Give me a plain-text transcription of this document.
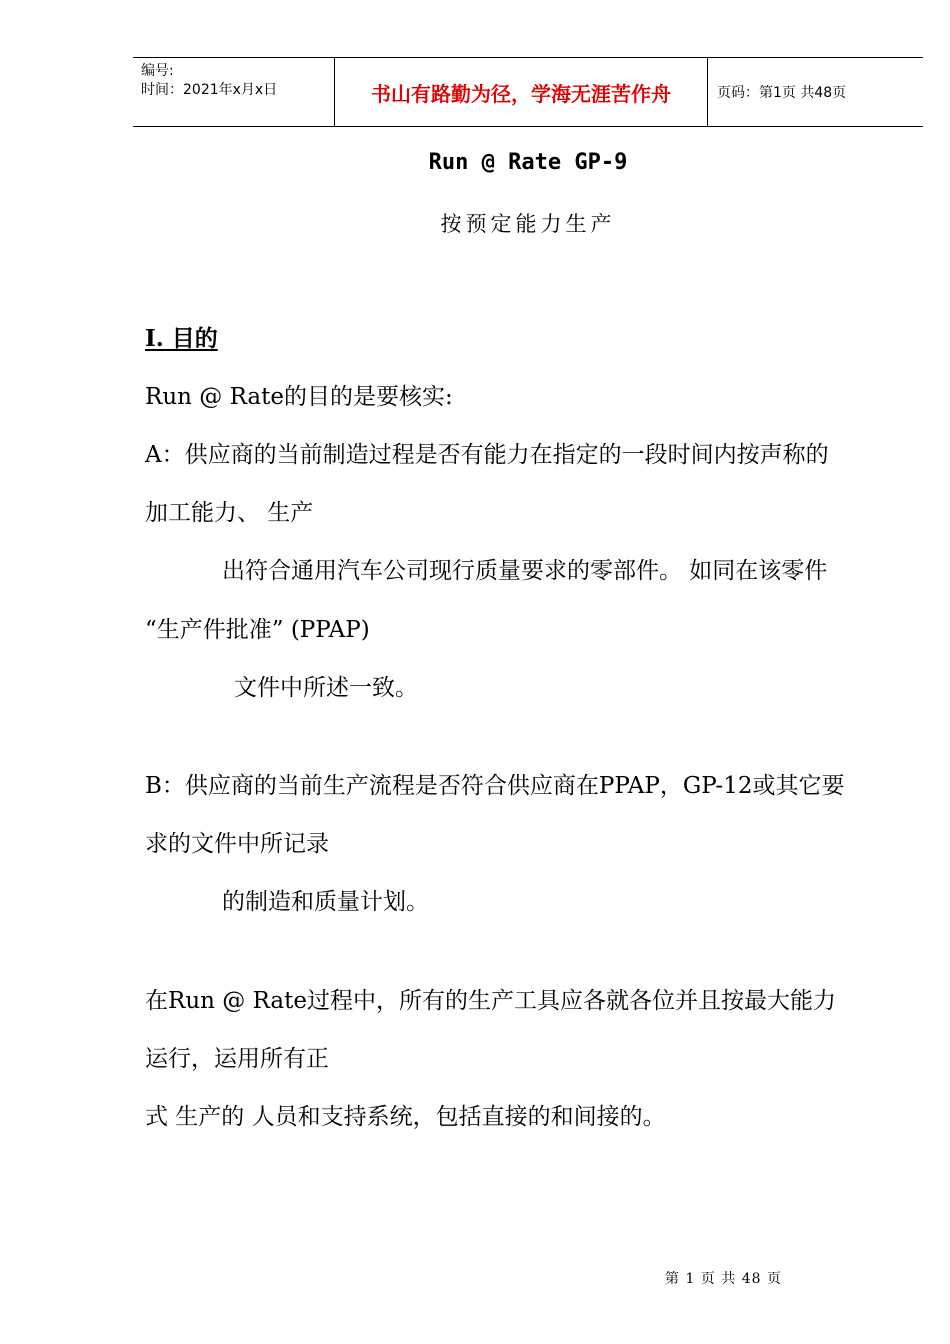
编号:
时间：2021年x月x日	书山有路勤为径，学海无涯苦作舟	页码：第1页 共48页
Run @ Rate GP-9
按预定能力生产
I. 目的
Run @ Rate的目的是要核实:
A：供应商的当前制造过程是否有能力在指定的一段时间内按声称的
加工能力、 生产
出符合通用汽车公司现行质量要求的零部件。 如同在该零件
“生产件批准” (PPAP)
文件中所述一致。
B：供应商的当前生产流程是否符合供应商在PPAP，GP-12或其它要
求的文件中所记录
的制造和质量计划。
在Run @ Rate过程中，所有的生产工具应各就各位并且按最大能力
运行，运用所有正
式 生产的 人员和支持系统，包括直接的和间接的。
第 1 页 共 48 页
